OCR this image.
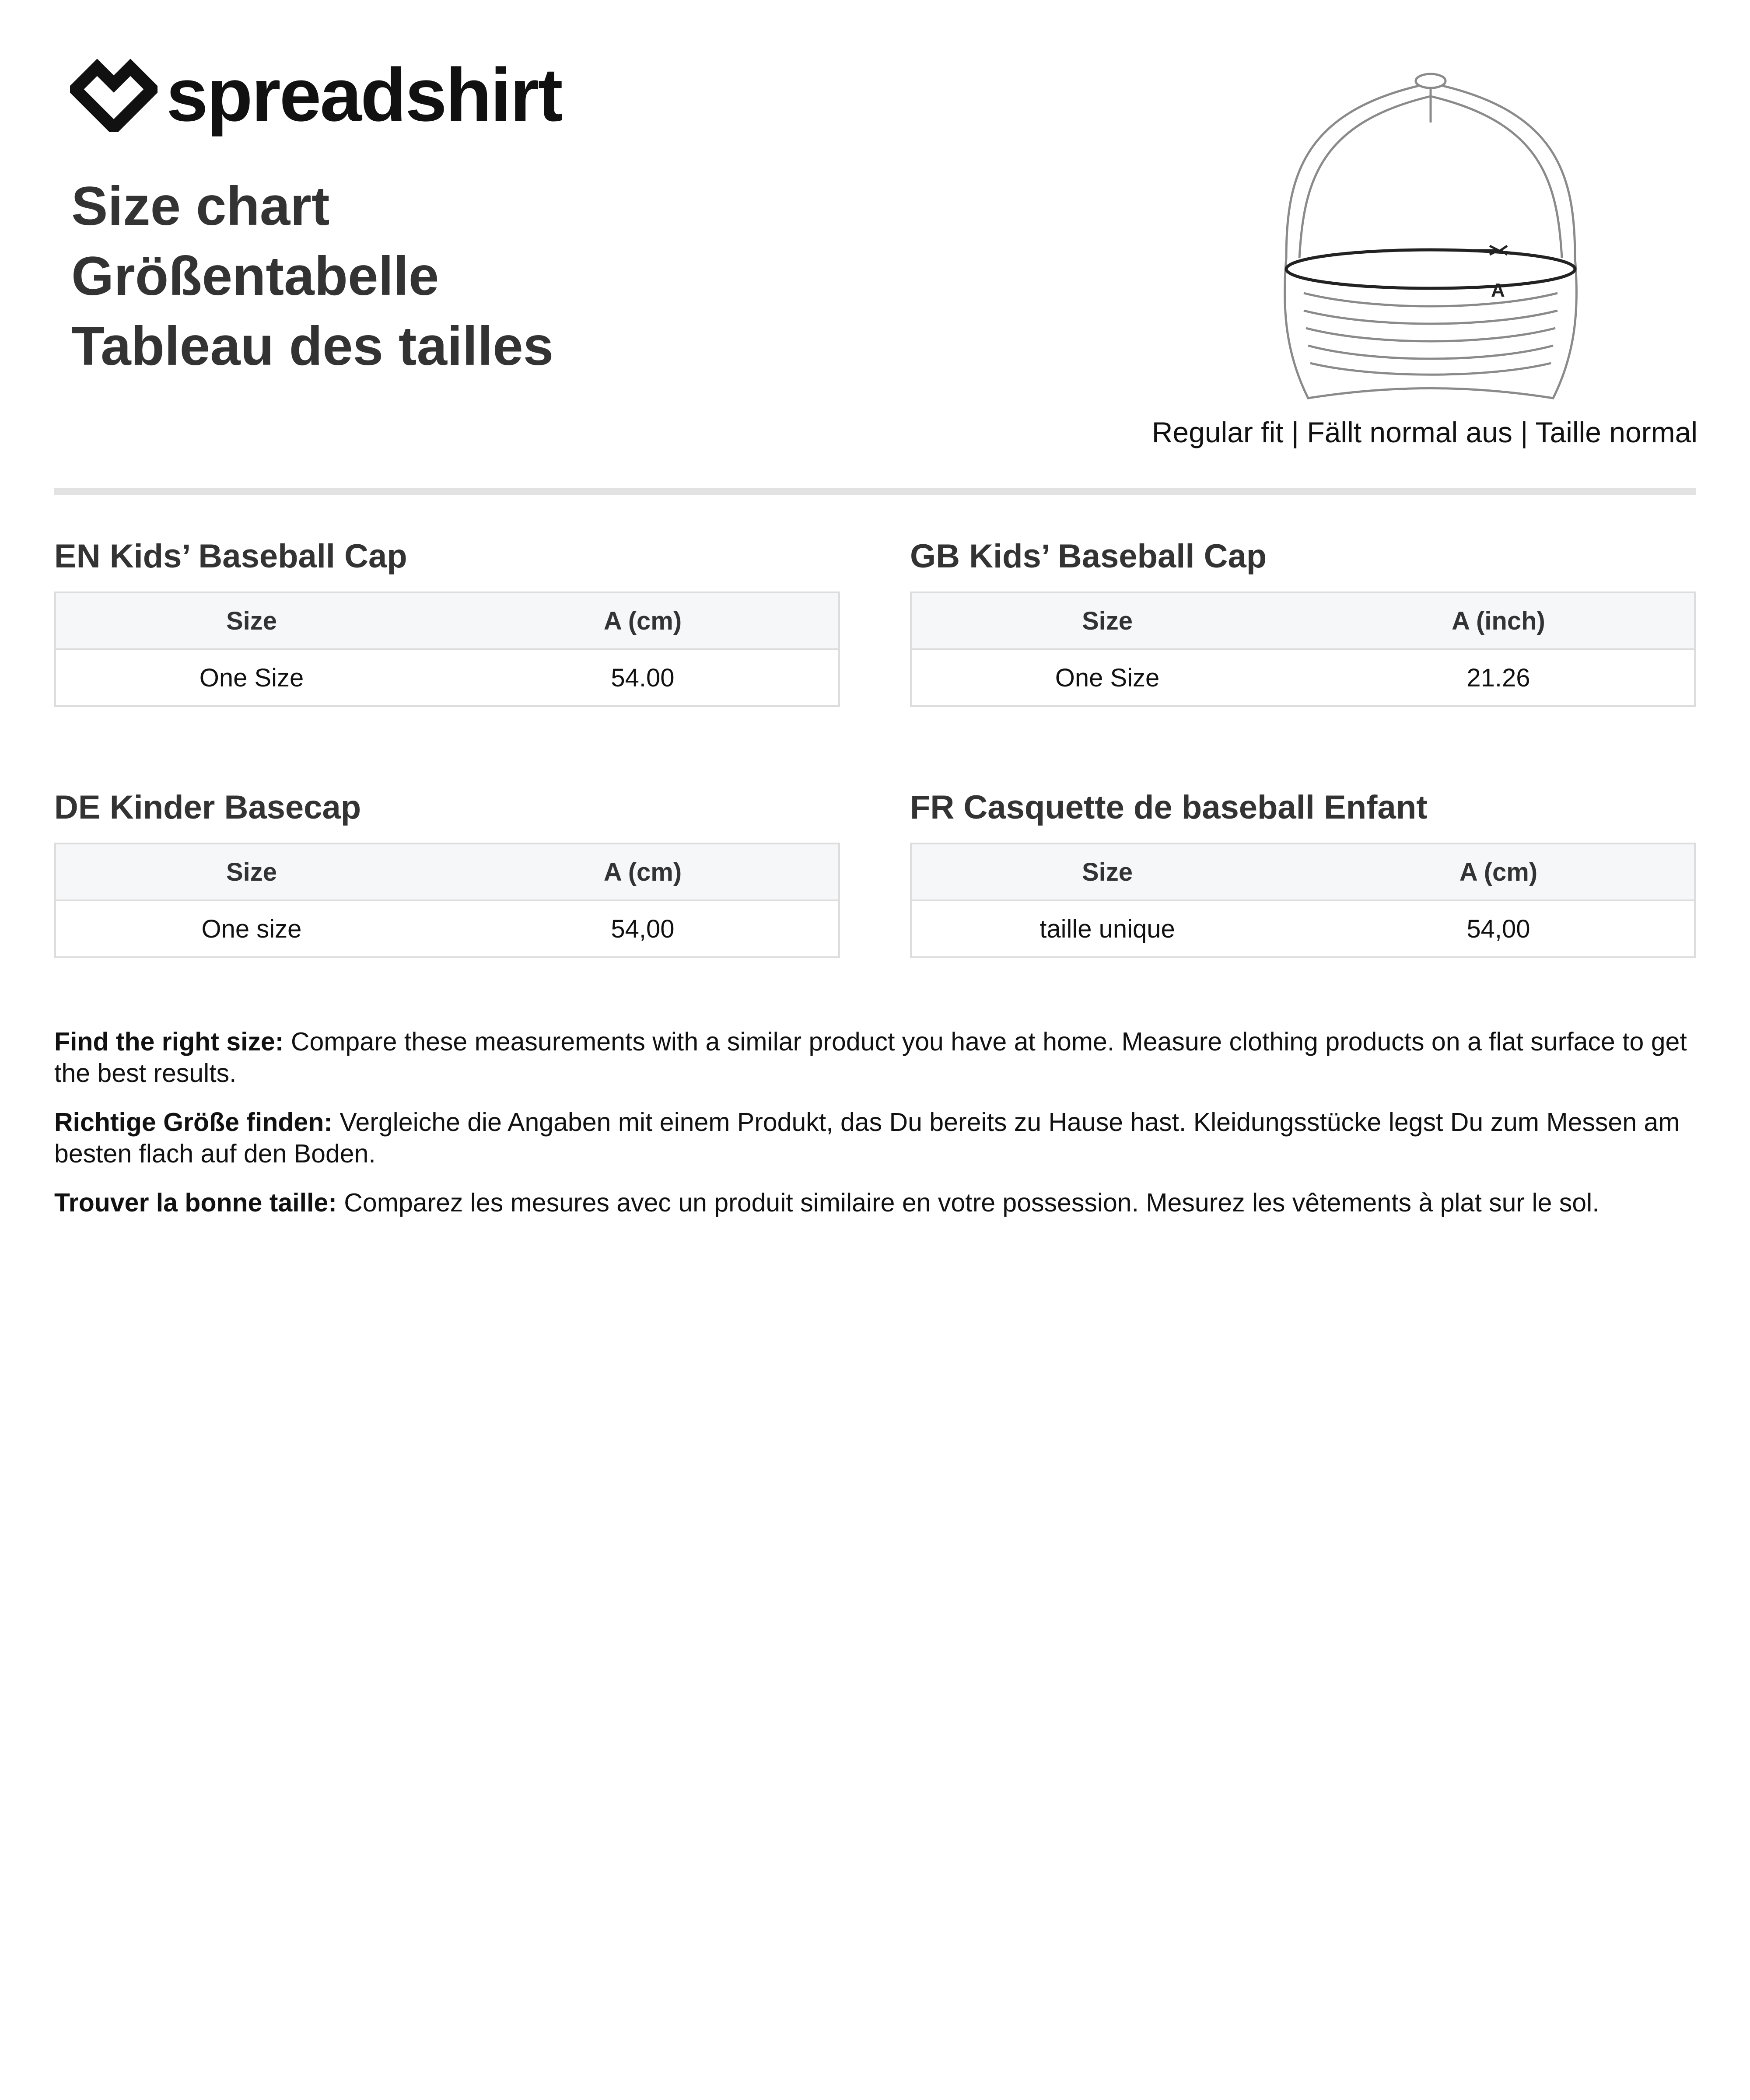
spreadshirt
Size chart
Größentabelle
Tableau des tailles
A
Regular fit | Fällt normal aus | Taille normal
EN Kids’ Baseball Cap
Size	A (cm)
One Size	54.00
GB Kids’ Baseball Cap
Size	A (inch)
One Size	21.26
DE Kinder Basecap
Size	A (cm)
One size	54,00
FR Casquette de baseball Enfant
Size	A (cm)
taille unique	54,00
Find the right size: Compare these measurements with a similar product you have at home. Measure clothing products on a flat surface to get the best results.
Richtige Größe finden: Vergleiche die Angaben mit einem Produkt, das Du bereits zu Hause hast. Kleidungsstücke legst Du zum Messen am besten flach auf den Boden.
Trouver la bonne taille: Comparez les mesures avec un produit similaire en votre possession. Mesurez les vêtements à plat sur le sol.
